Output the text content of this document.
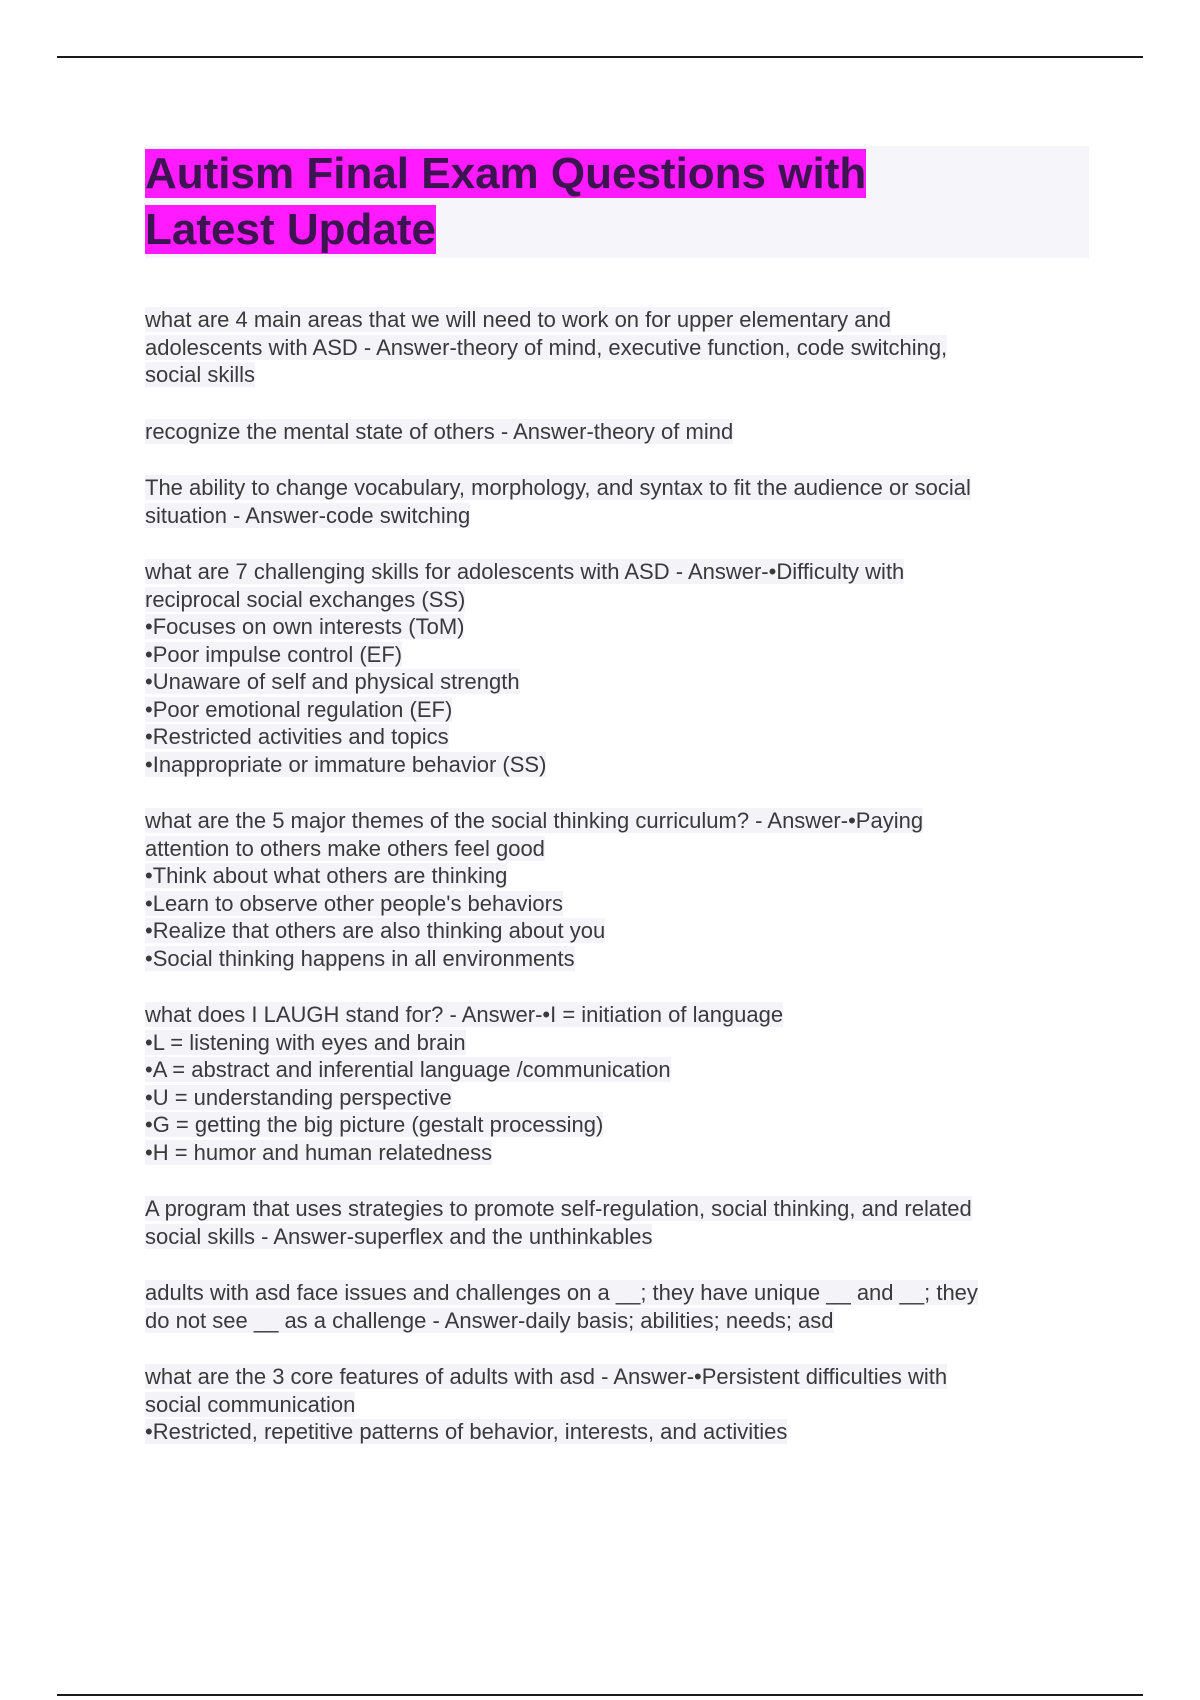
Autism Final Exam Questions with
Latest Update
what are 4 main areas that we will need to work on for upper elementary and
adolescents with ASD - Answer-theory of mind, executive function, code switching,
social skills
recognize the mental state of others - Answer-theory of mind
The ability to change vocabulary, morphology, and syntax to fit the audience or social
situation - Answer-code switching
what are 7 challenging skills for adolescents with ASD - Answer-•Difficulty with
reciprocal social exchanges (SS)
•Focuses on own interests (ToM)
•Poor impulse control (EF)
•Unaware of self and physical strength
•Poor emotional regulation (EF)
•Restricted activities and topics
•Inappropriate or immature behavior (SS)
what are the 5 major themes of the social thinking curriculum? - Answer-•Paying
attention to others make others feel good
•Think about what others are thinking
•Learn to observe other people's behaviors
•Realize that others are also thinking about you
•Social thinking happens in all environments
what does I LAUGH stand for? - Answer-•I = initiation of language
•L = listening with eyes and brain
•A = abstract and inferential language /communication
•U = understanding perspective
•G = getting the big picture (gestalt processing)
•H = humor and human relatedness
A program that uses strategies to promote self-regulation, social thinking, and related
social skills - Answer-superflex and the unthinkables
adults with asd face issues and challenges on a __; they have unique __ and __; they
do not see __ as a challenge - Answer-daily basis; abilities; needs; asd
what are the 3 core features of adults with asd - Answer-•Persistent difficulties with
social communication
•Restricted, repetitive patterns of behavior, interests, and activities
